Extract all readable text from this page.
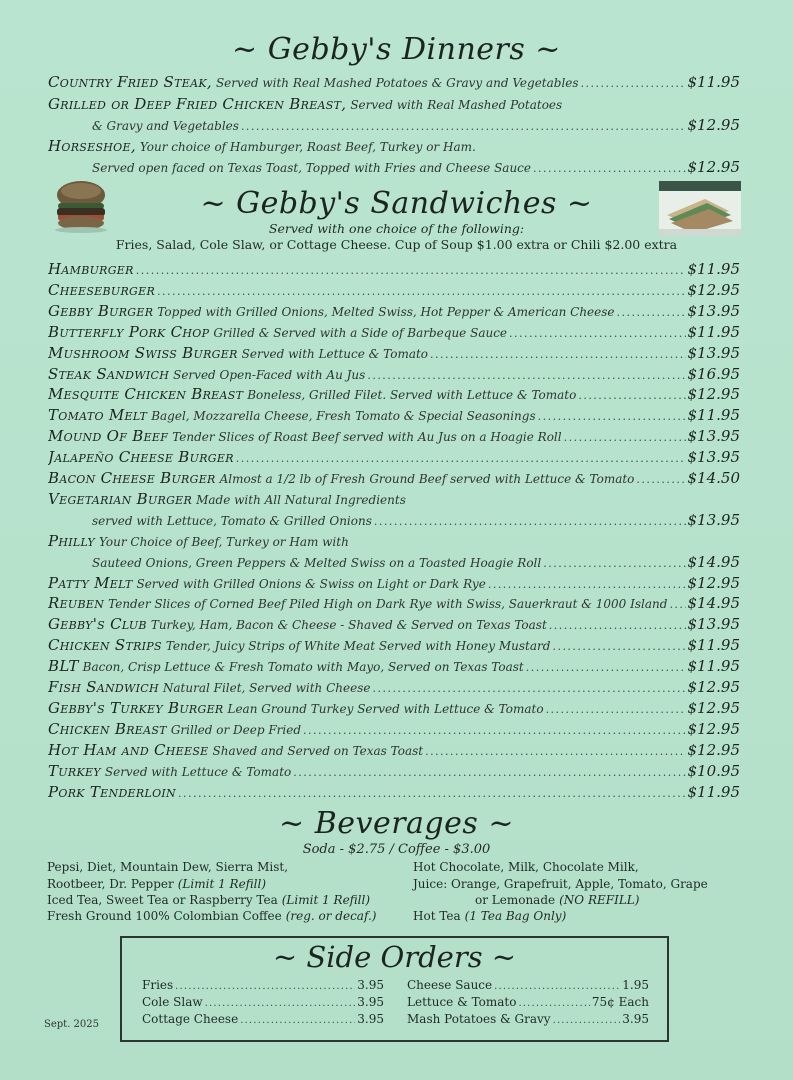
~ Gebby's Dinners ~
Country Fried Steak, Served with Real Mashed Potatoes & Gravy and Vegetables . . .	$11.95
Grilled or Deep Fried Chicken Breast, Served with Real Mashed Potatoes
& Gravy and Vegetables . . .	$12.95
Horseshoe, Your choice of Hamburger, Roast Beef, Turkey or Ham.
Served open faced on Texas Toast, Topped with Fries and Cheese Sauce . . .	$12.95
~ Gebby's Sandwiches ~
Served with one choice of the following:
Fries, Salad, Cole Slaw, or Cottage Cheese. Cup of Soup $1.00 extra or Chili $2.00 extra
Hamburger . . .	$11.95
Cheeseburger . . .	$12.95
Gebby Burger Topped with Grilled Onions, Melted Swiss, Hot Pepper & American Cheese . . .	$13.95
Butterfly Pork Chop Grilled & Served with a Side of Barbeque Sauce . . .	$11.95
Mushroom Swiss Burger Served with Lettuce & Tomato . . .	$13.95
Steak Sandwich Served Open-Faced with Au Jus . . .	$16.95
Mesquite Chicken Breast Boneless, Grilled Filet. Served with Lettuce & Tomato . . .	$12.95
Tomato Melt Bagel, Mozzarella Cheese, Fresh Tomato & Special Seasonings . . .	$11.95
Mound Of Beef Tender Slices of Roast Beef served with Au Jus on a Hoagie Roll . . .	$13.95
Jalapeño Cheese Burger . . .	$13.95
Bacon Cheese Burger Almost a 1/2 lb of Fresh Ground Beef served with Lettuce & Tomato . . .	$14.50
Vegetarian Burger Made with All Natural Ingredients
served with Lettuce, Tomato & Grilled Onions . . .	$13.95
Philly Your Choice of Beef, Turkey or Ham with
Sauteed Onions, Green Peppers & Melted Swiss on a Toasted Hoagie Roll . . .	$14.95
Patty Melt Served with Grilled Onions & Swiss on Light or Dark Rye . . .	$12.95
Reuben Tender Slices of Corned Beef Piled High on Dark Rye with Swiss, Sauerkraut & 1000 Island . . . $14.95
Gebby's Club Turkey, Ham, Bacon & Cheese - Shaved & Served on Texas Toast . . .	$13.95
Chicken Strips Tender, Juicy Strips of White Meat Served with Honey Mustard . . .	$11.95
BLT Bacon, Crisp Lettuce & Fresh Tomato with Mayo, Served on Texas Toast . . .	$11.95
Fish Sandwich Natural Filet, Served with Cheese . . .	$12.95
Gebby's Turkey Burger Lean Ground Turkey Served with Lettuce & Tomato . . .	$12.95
Chicken Breast Grilled or Deep Fried . . .	$12.95
Hot Ham and Cheese Shaved and Served on Texas Toast . . .	$12.95
Turkey Served with Lettuce & Tomato . . .	$10.95
Pork Tenderloin . . .	$11.95
~ Beverages ~
Soda - $2.75 / Coffee - $3.00
Pepsi, Diet, Mountain Dew, Sierra Mist,
Rootbeer, Dr. Pepper (Limit 1 Refill)
Iced Tea, Sweet Tea or Raspberry Tea (Limit 1 Refill)
Fresh Ground 100% Colombian Coffee (reg. or decaf.)
Hot Chocolate, Milk, Chocolate Milk,
Juice: Orange, Grapefruit, Apple, Tomato, Grape
or Lemonade (NO REFILL)
Hot Tea (1 Tea Bag Only)
~ Side Orders ~
Fries . . .	3.95
Cole Slaw . . .	3.95
Cottage Cheese . . .	3.95
Cheese Sauce . . .	1.95
Lettuce & Tomato . . .	75¢ Each
Mash Potatoes & Gravy . . .	3.95
Sept. 2025
